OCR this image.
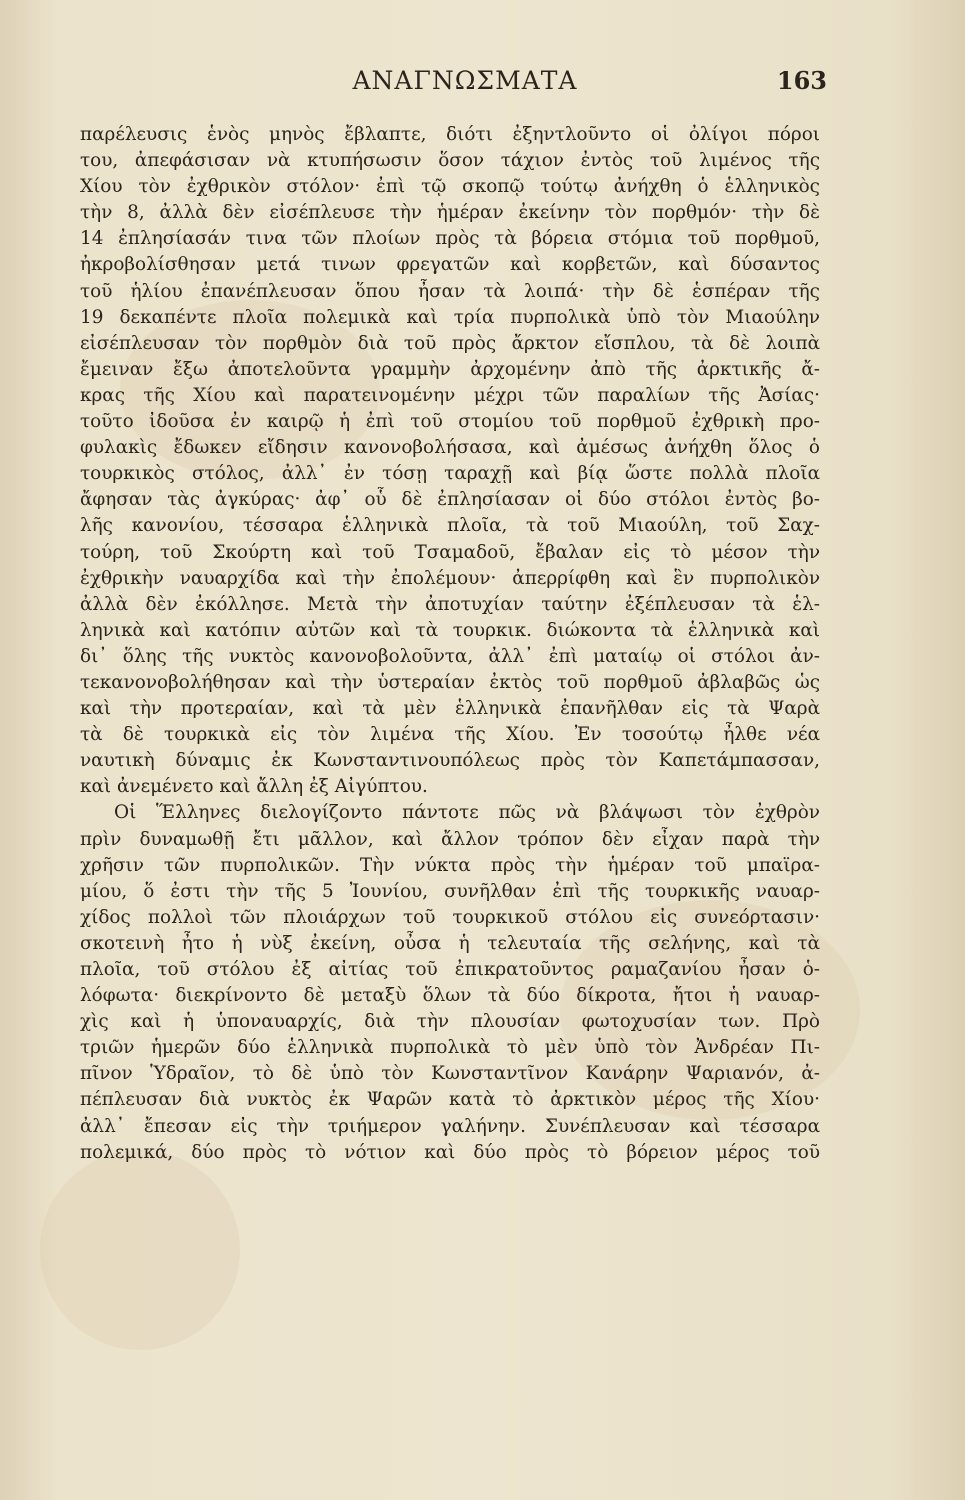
ΑΝΑΓΝΩΣΜΑΤΑ	163
παρέλευσις ἑνὸς μηνὸς ἔβλαπτε, διότι ἐξηντλοῦντο οἱ ὀλίγοι πόροι
του, ἀπεφάσισαν νὰ κτυπήσωσιν ὅσον τάχιον ἐντὸς τοῦ λιμένος τῆς
Χίου τὸν ἐχθρικὸν στόλον· ἐπὶ τῷ σκοπῷ τούτῳ ἀνήχθη ὁ ἑλληνικὸς
τὴν 8, ἀλλὰ δὲν εἰσέπλευσε τὴν ἡμέραν ἐκείνην τὸν πορθμόν· τὴν δὲ
14 ἐπλησίασάν τινα τῶν πλοίων πρὸς τὰ βόρεια στόμια τοῦ πορθμοῦ,
ἠκροβολίσθησαν μετά τινων φρεγατῶν καὶ κορβετῶν, καὶ δύσαντος
τοῦ ἡλίου ἐπανέπλευσαν ὅπου ἦσαν τὰ λοιπά· τὴν δὲ ἑσπέραν τῆς
19 δεκαπέντε πλοῖα πολεμικὰ καὶ τρία πυρπολικὰ ὑπὸ τὸν Μιαούλην
εἰσέπλευσαν τὸν πορθμὸν διὰ τοῦ πρὸς ἄρκτον εἴσπλου, τὰ δὲ λοιπὰ
ἔμειναν ἔξω ἀποτελοῦντα γραμμὴν ἀρχομένην ἀπὸ τῆς ἀρκτικῆς ἄ-
κρας τῆς Χίου καὶ παρατεινομένην μέχρι τῶν παραλίων τῆς Ἀσίας·
τοῦτο ἰδοῦσα ἐν καιρῷ ἡ ἐπὶ τοῦ στομίου τοῦ πορθμοῦ ἐχθρικὴ προ-
φυλακὶς ἔδωκεν εἴδησιν κανονοβολήσασα, καὶ ἀμέσως ἀνήχθη ὅλος ὁ
τουρκικὸς στόλος, ἀλλ᾽ ἐν τόσῃ ταραχῇ καὶ βίᾳ ὥστε πολλὰ πλοῖα
ἄφησαν τὰς ἀγκύρας· ἀφ᾽ οὗ δὲ ἐπλησίασαν οἱ δύο στόλοι ἐντὸς βο-
λῆς κανονίου, τέσσαρα ἑλληνικὰ πλοῖα, τὰ τοῦ Μιαούλη, τοῦ Σαχ-
τούρη, τοῦ Σκούρτη καὶ τοῦ Τσαμαδοῦ, ἔβαλαν εἰς τὸ μέσον τὴν
ἐχθρικὴν ναυαρχίδα καὶ τὴν ἐπολέμουν· ἀπερρίφθη καὶ ἓν πυρπολικὸν
ἀλλὰ δὲν ἐκόλλησε. Μετὰ τὴν ἀποτυχίαν ταύτην ἐξέπλευσαν τὰ ἑλ-
ληνικὰ καὶ κατόπιν αὐτῶν καὶ τὰ τουρκικ. διώκοντα τὰ ἑλληνικὰ καὶ
δι᾽ ὅλης τῆς νυκτὸς κανονοβολοῦντα, ἀλλ᾽ ἐπὶ ματαίῳ οἱ στόλοι ἀν-
τεκανονοβολήθησαν καὶ τὴν ὑστεραίαν ἐκτὸς τοῦ πορθμοῦ ἀβλαβῶς ὡς
καὶ τὴν προτεραίαν, καὶ τὰ μὲν ἑλληνικὰ ἐπανῆλθαν εἰς τὰ Ψαρὰ
τὰ δὲ τουρκικὰ εἰς τὸν λιμένα τῆς Χίου. Ἐν τοσούτῳ ἦλθε νέα
ναυτικὴ δύναμις ἐκ Κωνσταντινουπόλεως πρὸς τὸν Καπετάμπασσαν,
καὶ ἀνεμένετο καὶ ἄλλη ἐξ Αἰγύπτου.
Οἱ Ἕλληνες διελογίζοντο πάντοτε πῶς νὰ βλάψωσι τὸν ἐχθρὸν
πρὶν δυναμωθῇ ἔτι μᾶλλον, καὶ ἄλλον τρόπον δὲν εἶχαν παρὰ τὴν
χρῆσιν τῶν πυρπολικῶν. Τὴν νύκτα πρὸς τὴν ἡμέραν τοῦ μπαϊρα-
μίου, ὅ ἐστι τὴν τῆς 5 Ἰουνίου, συνῆλθαν ἐπὶ τῆς τουρκικῆς ναυαρ-
χίδος πολλοὶ τῶν πλοιάρχων τοῦ τουρκικοῦ στόλου εἰς συνεόρτασιν·
σκοτεινὴ ἦτο ἡ νὺξ ἐκείνη, οὖσα ἡ τελευταία τῆς σελήνης, καὶ τὰ
πλοῖα, τοῦ στόλου ἐξ αἰτίας τοῦ ἐπικρατοῦντος ραμαζανίου ἦσαν ὁ-
λόφωτα· διεκρίνοντο δὲ μεταξὺ ὅλων τὰ δύο δίκροτα, ἤτοι ἡ ναυαρ-
χὶς καὶ ἡ ὑποναυαρχίς, διὰ τὴν πλουσίαν φωτοχυσίαν των. Πρὸ
τριῶν ἡμερῶν δύο ἑλληνικὰ πυρπολικὰ τὸ μὲν ὑπὸ τὸν Ἀνδρέαν Πι-
πῖνον Ὑδραῖον, τὸ δὲ ὑπὸ τὸν Κωνσταντῖνον Κανάρην Ψαριανόν, ἀ-
πέπλευσαν διὰ νυκτὸς ἐκ Ψαρῶν κατὰ τὸ ἀρκτικὸν μέρος τῆς Χίου·
ἀλλ᾽ ἔπεσαν εἰς τὴν τριήμερον γαλήνην. Συνέπλευσαν καὶ τέσσαρα
πολεμικά, δύο πρὸς τὸ νότιον καὶ δύο πρὸς τὸ βόρειον μέρος τοῦ
